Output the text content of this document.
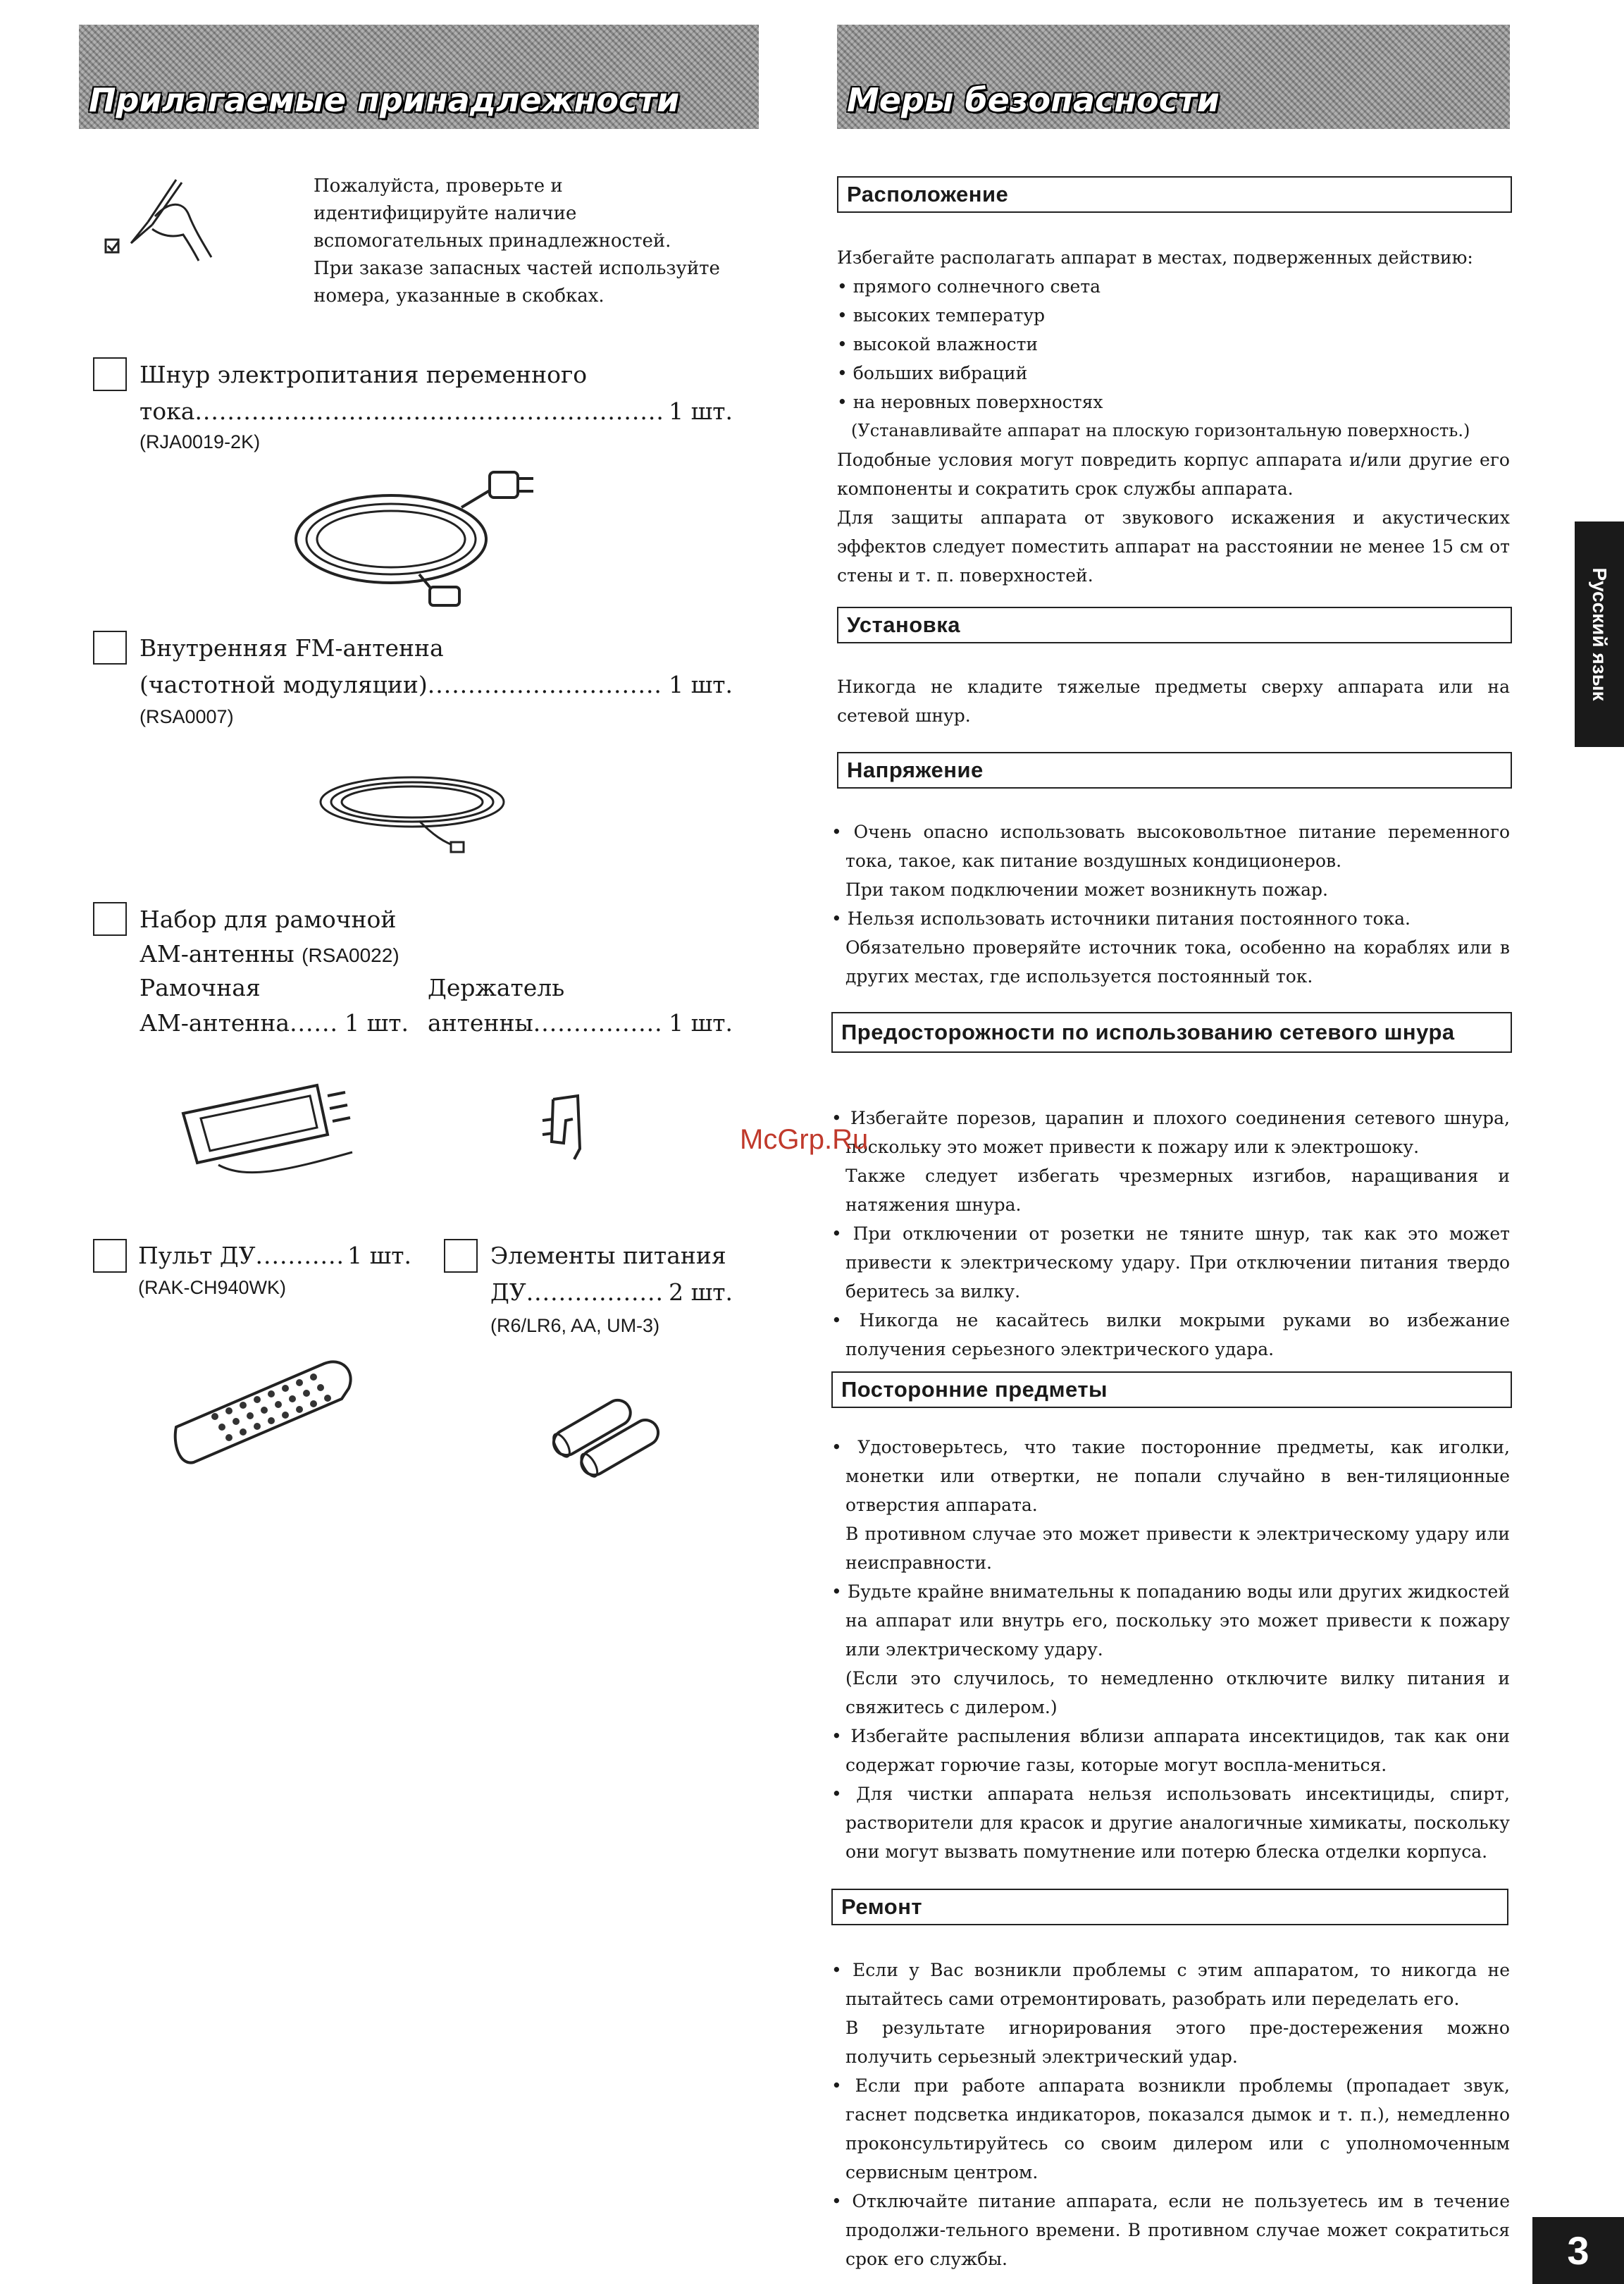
Прилагаемые принадлежности	Меры безопасности
Пожалуйста, проверьте и
идентифицируйте наличие
вспомогательных принадлежностей.
При заказе запасных частей используйте
номера, указанные в скобках.
Шнур электропитания переменного
тока .....	1 шт.
(RJA0019-2K)
Внутренняя FM-антенна
(частотной модуляции) .....	1 шт.
(RSA0007)
Набор для рамочной
АМ-антенны (RSA0022)
Рамочная
АМ-антенна ..... 1 шт.
Держатель
антенны .....	1 шт.
Пульт ДУ .....	1 шт.
(RAK-CH940WK)
Элементы питания
ДУ .....	2 шт.
(R6/LR6, AA, UM-3)
Расположение

Избегайте располагать аппарат в местах, подверженных действию:

• прямого солнечного света

• высоких температур

• высокой влажности

• больших вибраций

• на неровных поверхностях

(Устанавливайте аппарат на плоскую горизонтальную поверхность.)

Подобные условия могут повредить корпус аппарата и/или другие его компоненты и сократить срок службы аппарата.

Для защиты аппарата от звукового искажения и акустических эффектов следует поместить аппарат на расстоянии не менее 15 см от стены и т. п. поверхностей.

Установка

Никогда не кладите тяжелые предметы сверху аппарата или на сетевой шнур.

Напряжение

• Очень опасно использовать высоковольтное питание переменного тока, такое, как питание воздушных кондиционеров.

При таком подключении может возникнуть пожар.

• Нельзя использовать источники питания постоянного тока.

Обязательно проверяйте источник тока, особенно на кораблях или в других местах, где используется постоянный ток.

Предосторожности по использованию сетевого шнура

• Избегайте порезов, царапин и плохого соединения сетевого шнура, поскольку это может привести к пожару или к электрошоку.

Также следует избегать чрезмерных изгибов, наращивания и натяжения шнура.

• При отключении от розетки не тяните шнур, так как это может привести к электрическому удару. При отключении питания твердо беритесь за вилку.

• Никогда не касайтесь вилки мокрыми руками во избежание получения серьезного электрического удара.

Посторонние предметы

• Удостоверьтесь, что такие посторонние предметы, как иголки, монетки или отвертки, не попали случайно в вен-тиляционные отверстия аппарата.

В противном случае это может привести к электрическому удару или неисправности.

• Будьте крайне внимательны к попаданию воды или других жидкостей на аппарат или внутрь его, поскольку это может привести к пожару или электрическому удару.

(Если это случилось, то немедленно отключите вилку питания и свяжитесь с дилером.)

• Избегайте распыления вблизи аппарата инсектицидов, так как они содержат горючие газы, которые могут воспла-мениться.

• Для чистки аппарата нельзя использовать инсектициды, спирт, растворители для красок и другие аналогичные химикаты, поскольку они могут вызвать помутнение или потерю блеска отделки корпуса.

Ремонт

• Если у Вас возникли проблемы с этим аппаратом, то никогда не пытайтесь сами отремонтировать, разобрать или переделать его.

В результате игнорирования этого пре-достережения можно получить серьезный электрический удар.

• Если при работе аппарата возникли проблемы (пропадает звук, гаснет подсветка индикаторов, показался дымок и т. п.), немедленно проконсультируйтесь со своим дилером или с уполномоченным сервисным центром.

• Отключайте питание аппарата, если не пользуетесь им в течение продолжи-тельного времени. В противном случае может сократиться срок его службы.

Русский язык
McGrp.Ru
3
